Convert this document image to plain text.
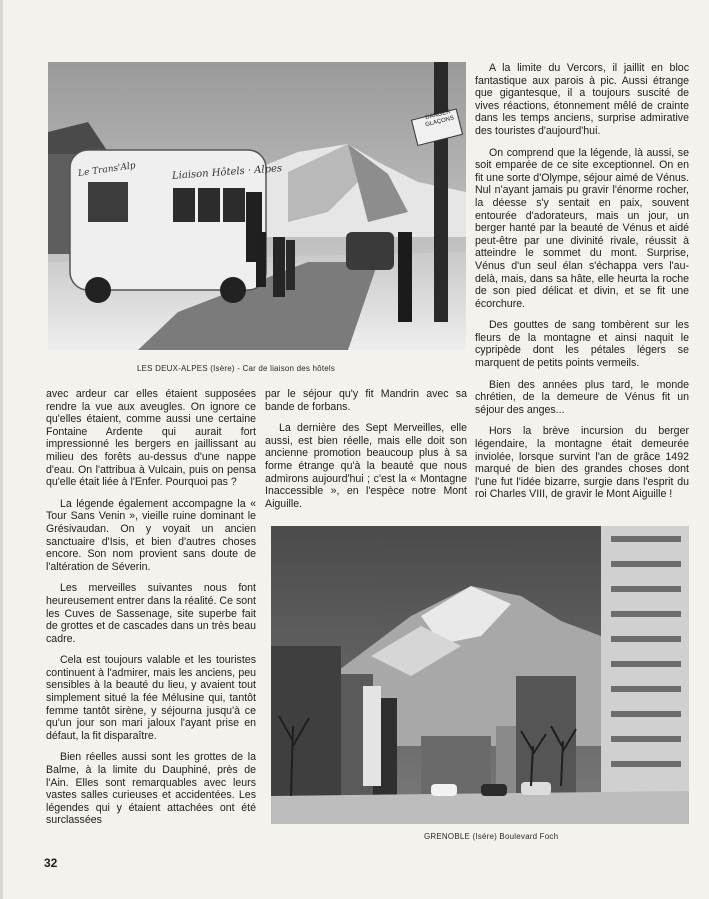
Liaison Hôtels · Alpes
Le Trans'Alp
DANGER GLAÇONS
LES DEUX-ALPES (Isère) - Car de liaison des hôtels

A la limite du Vercors, il jaillit en bloc fantastique aux parois à pic. Aussi étrange que gigantesque, il a toujours suscité de vives réactions, étonnement mêlé de crainte dans les temps anciens, surprise admirative des touristes d'aujourd'hui.

On comprend que la légende, là aussi, se soit emparée de ce site exceptionnel. On en fit une sorte d'Olympe, séjour aimé de Vénus. Nul n'ayant jamais pu gravir l'énorme rocher, la déesse s'y sentait en paix, souvent entourée d'adorateurs, mais un jour, un berger hanté par la beauté de Vénus et aidé peut-être par une divinité rivale, réussit à atteindre le sommet du mont. Surprise, Vénus d'un seul élan s'échappa vers l'au-delà, mais, dans sa hâte, elle heurta la roche de son pied délicat et divin, et se fit une écorchure.

Des gouttes de sang tombèrent sur les fleurs de la montagne et ainsi naquit le cypripède dont les pétales légers se marquent de petits points vermeils.

Bien des années plus tard, le monde chrétien, de la demeure de Vénus fit un séjour des anges...

Hors la brève incursion du berger légendaire, la montagne était demeurée inviolée, lorsque survint l'an de grâce 1492 marqué de bien des grandes choses dont l'une fut l'idée bizarre, surgie dans l'esprit du roi Charles VIII, de gravir le Mont Aiguille !

avec ardeur car elles étaient supposées rendre la vue aux aveugles. On ignore ce qu'elles étaient, comme aussi une certaine Fontaine Ardente qui aurait fort impressionné les bergers en jaillissant au milieu des forêts au-dessus d'une nappe d'eau. On l'attribua à Vulcain, puis on pensa qu'elle était liée à l'Enfer. Pourquoi pas ?

La légende également accompagne la « Tour Sans Venin », vieille ruine dominant le Grésivaudan. On y voyait un ancien sanctuaire d'Isis, et bien d'autres choses encore. Son nom provient sans doute de l'altération de Séverin.

Les merveilles suivantes nous font heureusement entrer dans la réalité. Ce sont les Cuves de Sassenage, site superbe fait de grottes et de cascades dans un très beau cadre.

Cela est toujours valable et les touristes continuent à l'admirer, mais les anciens, peu sensibles à la beauté du lieu, y avaient tout simplement situé la fée Mélusine qui, tantôt femme tantôt sirène, y séjourna jusqu'à ce qu'un jour son mari jaloux l'ayant prise en défaut, la fit disparaître.

Bien réelles aussi sont les grottes de la Balme, à la limite du Dauphiné, près de l'Ain. Elles sont remarquables avec leurs vastes salles curieuses et accidentées. Les légendes qui y étaient attachées ont été surclassées

par le séjour qu'y fit Mandrin avec sa bande de forbans.

La dernière des Sept Merveilles, elle aussi, est bien réelle, mais elle doit son ancienne promotion beaucoup plus à sa forme étrange qu'à la beauté que nous admirons aujourd'hui ; c'est la « Montagne Inaccessible », en l'espèce notre Mont Aiguille.

GRENOBLE (Isère) Boulevard Foch
32
